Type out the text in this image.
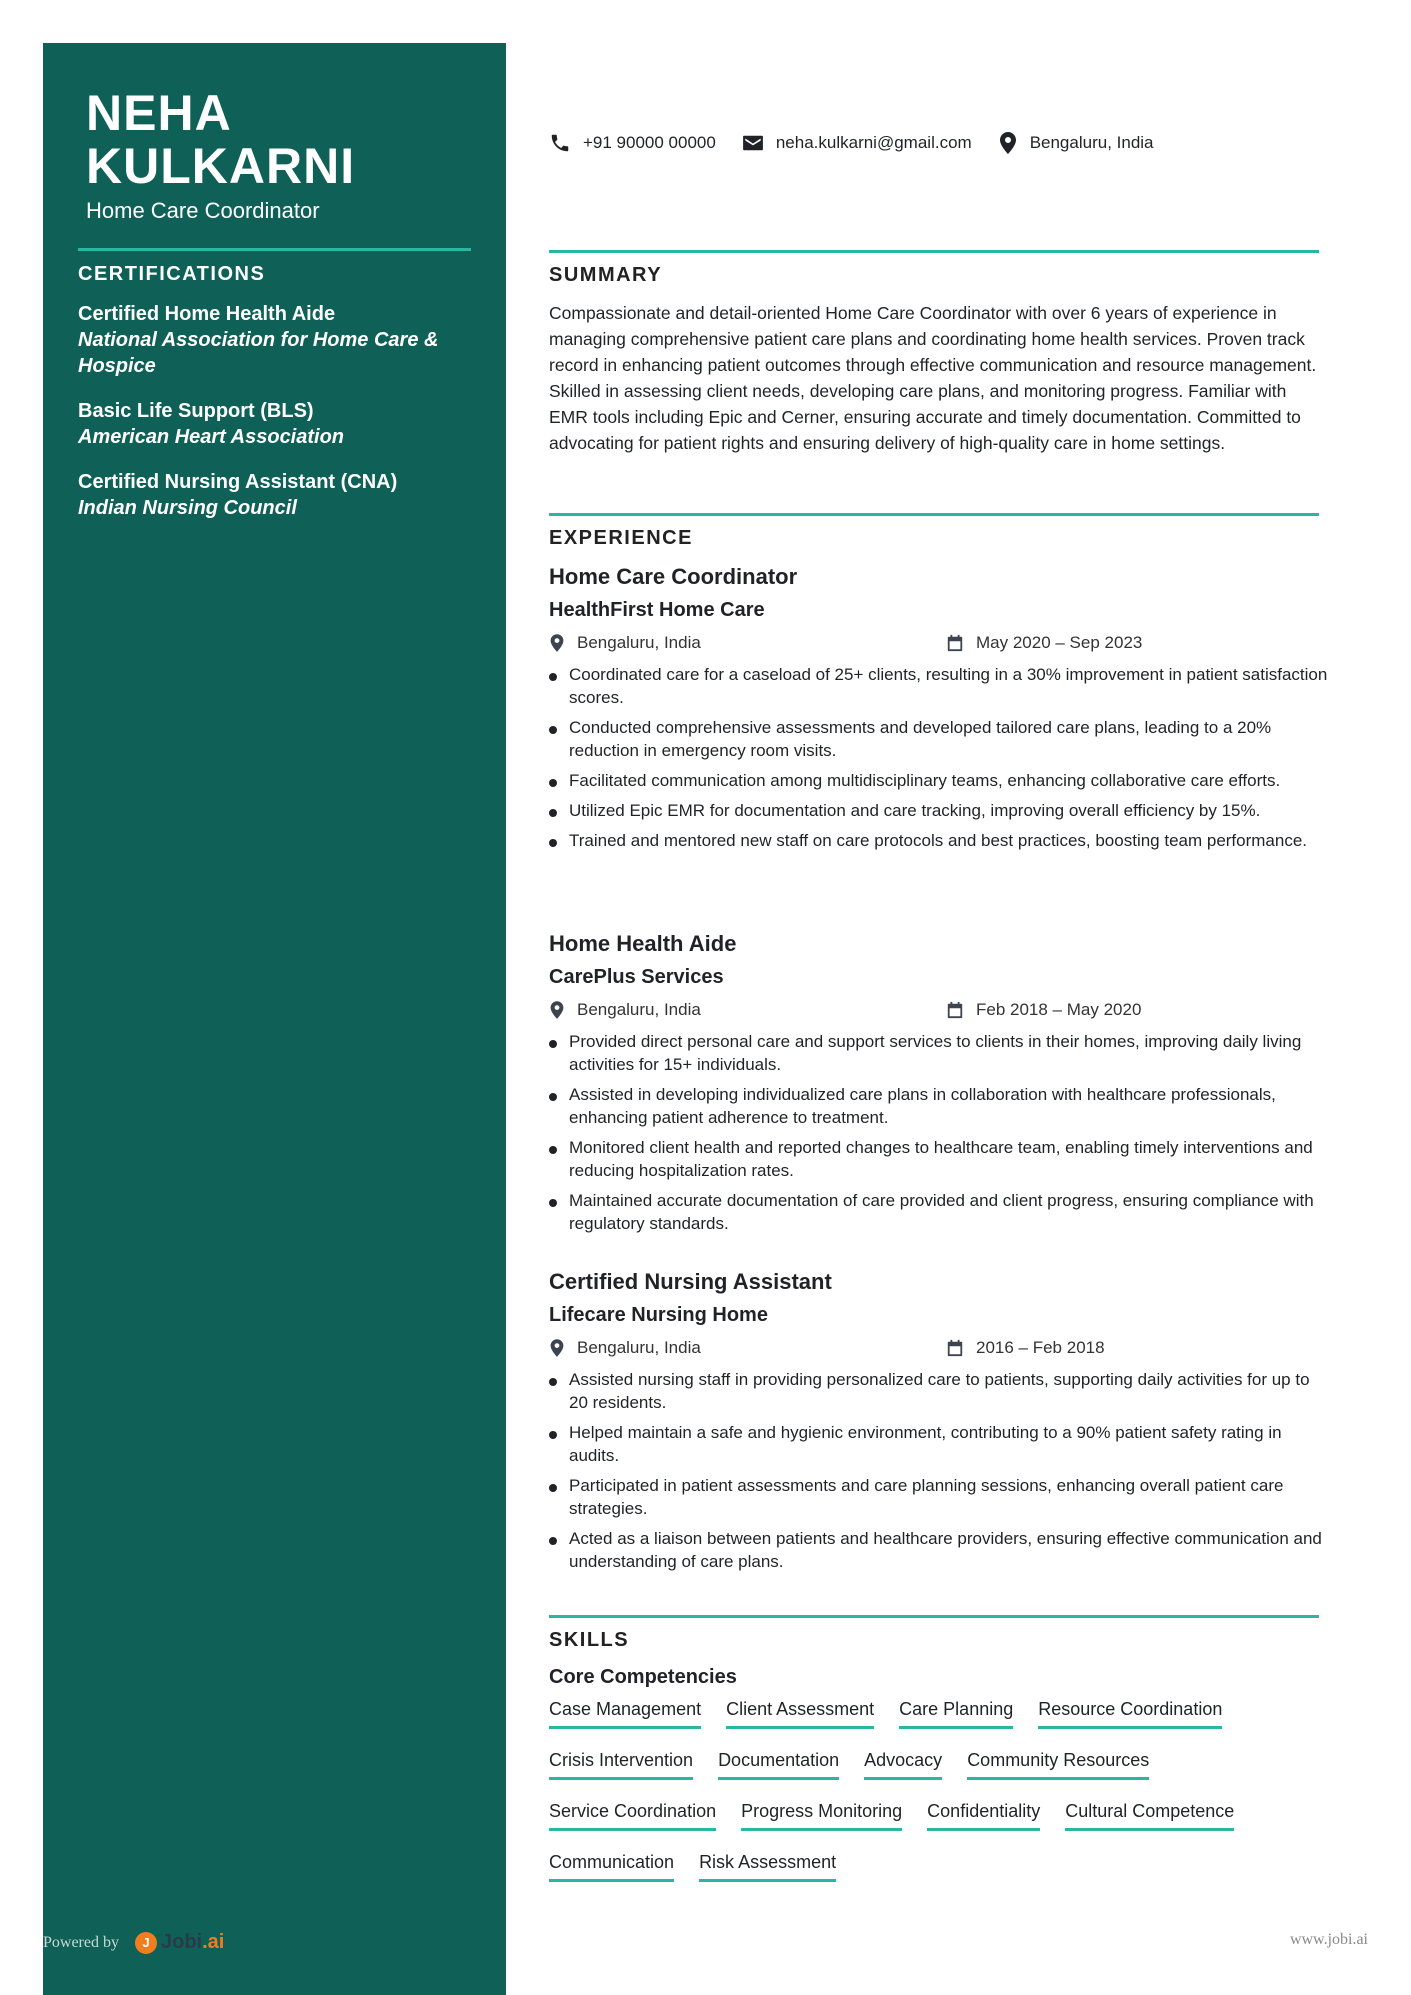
NEHA
KULKARNI
Home Care Coordinator
CERTIFICATIONS
Certified Home Health Aide
National Association for Home Care & Hospice
Basic Life Support (BLS)
American Heart Association
Certified Nursing Assistant (CNA)
Indian Nursing Council
+91 90000 00000	neha.kulkarni@gmail.com	Bengaluru, India
SUMMARY

Compassionate and detail-oriented Home Care Coordinator with over 6 years of experience in managing comprehensive patient care plans and coordinating home health services. Proven track record in enhancing patient outcomes through effective communication and resource management. Skilled in assessing client needs, developing care plans, and monitoring progress. Familiar with EMR tools including Epic and Cerner, ensuring accurate and timely documentation. Committed to advocating for patient rights and ensuring delivery of high-quality care in home settings.

EXPERIENCE
Home Care Coordinator
HealthFirst Home Care
Bengaluru, India	May 2020 – Sep 2023
Coordinated care for a caseload of 25+ clients, resulting in a 30% improvement in patient satisfaction scores.
Conducted comprehensive assessments and developed tailored care plans, leading to a 20% reduction in emergency room visits.
Facilitated communication among multidisciplinary teams, enhancing collaborative care efforts.
Utilized Epic EMR for documentation and care tracking, improving overall efficiency by 15%.
Trained and mentored new staff on care protocols and best practices, boosting team performance.
Home Health Aide
CarePlus Services
Bengaluru, India	Feb 2018 – May 2020
Provided direct personal care and support services to clients in their homes, improving daily living activities for 15+ individuals.
Assisted in developing individualized care plans in collaboration with healthcare professionals, enhancing patient adherence to treatment.
Monitored client health and reported changes to healthcare team, enabling timely interventions and reducing hospitalization rates.
Maintained accurate documentation of care provided and client progress, ensuring compliance with regulatory standards.
Certified Nursing Assistant
Lifecare Nursing Home
Bengaluru, India	2016 – Feb 2018
Assisted nursing staff in providing personalized care to patients, supporting daily activities for up to 20 residents.
Helped maintain a safe and hygienic environment, contributing to a 90% patient safety rating in audits.
Participated in patient assessments and care planning sessions, enhancing overall patient care strategies.
Acted as a liaison between patients and healthcare providers, ensuring effective communication and understanding of care plans.
SKILLS
Core Competencies
Case Management Client Assessment Care Planning Resource Coordination
Crisis Intervention Documentation Advocacy Community Resources
Service Coordination Progress Monitoring Confidentiality Cultural Competence
Communication Risk Assessment
Powered by	J Jobi.ai	www.jobi.ai
